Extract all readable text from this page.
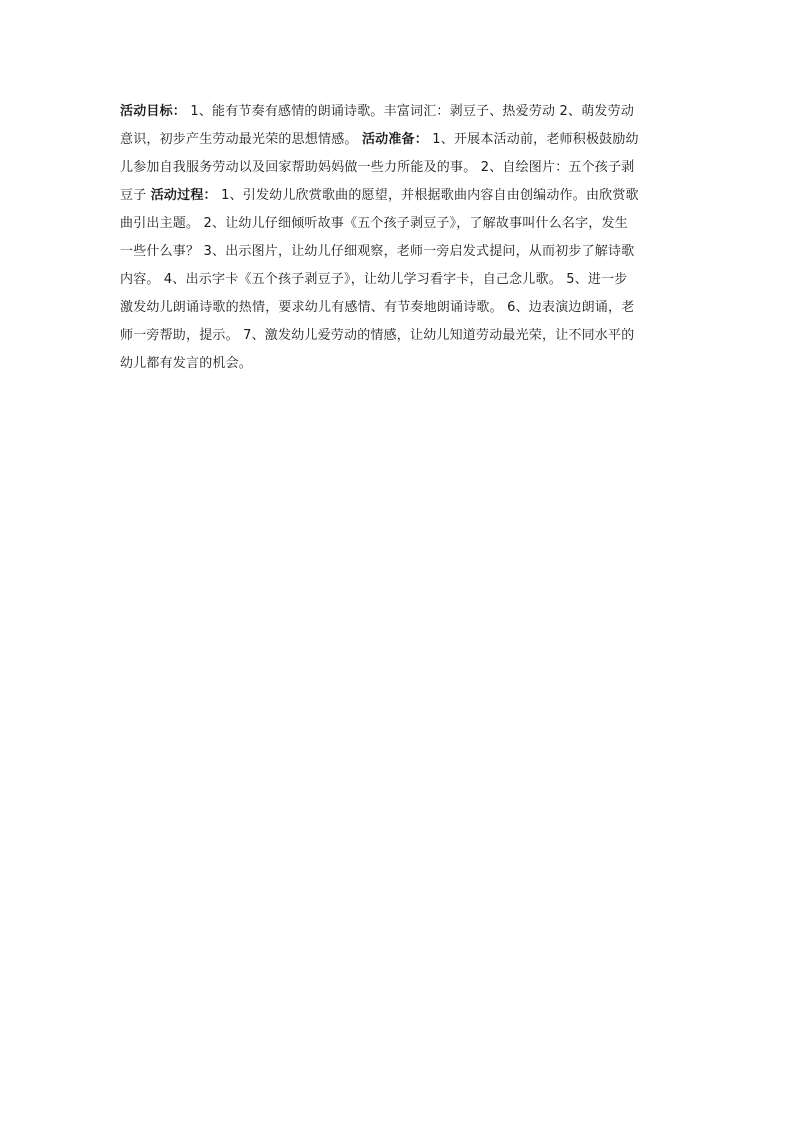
活动目标： 1、能有节奏有感情的朗诵诗歌。丰富词汇：剥豆子、热爱劳动 2、萌发劳动
意识，初步产生劳动最光荣的思想情感。 活动准备： 1、开展本活动前，老师积极鼓励幼
儿参加自我服务劳动以及回家帮助妈妈做一些力所能及的事。 2、自绘图片：五个孩子剥
豆子 活动过程： 1、引发幼儿欣赏歌曲的愿望，并根据歌曲内容自由创编动作。由欣赏歌
曲引出主题。 2、让幼儿仔细倾听故事《五个孩子剥豆子》，了解故事叫什么名字，发生
一些什么事？ 3、出示图片，让幼儿仔细观察，老师一旁启发式提问，从而初步了解诗歌
内容。 4、出示字卡《五个孩子剥豆子》，让幼儿学习看字卡，自己念儿歌。 5、进一步
激发幼儿朗诵诗歌的热情，要求幼儿有感情、有节奏地朗诵诗歌。 6、边表演边朗诵，老
师一旁帮助，提示。 7、激发幼儿爱劳动的情感，让幼儿知道劳动最光荣，让不同水平的
幼儿都有发言的机会。
